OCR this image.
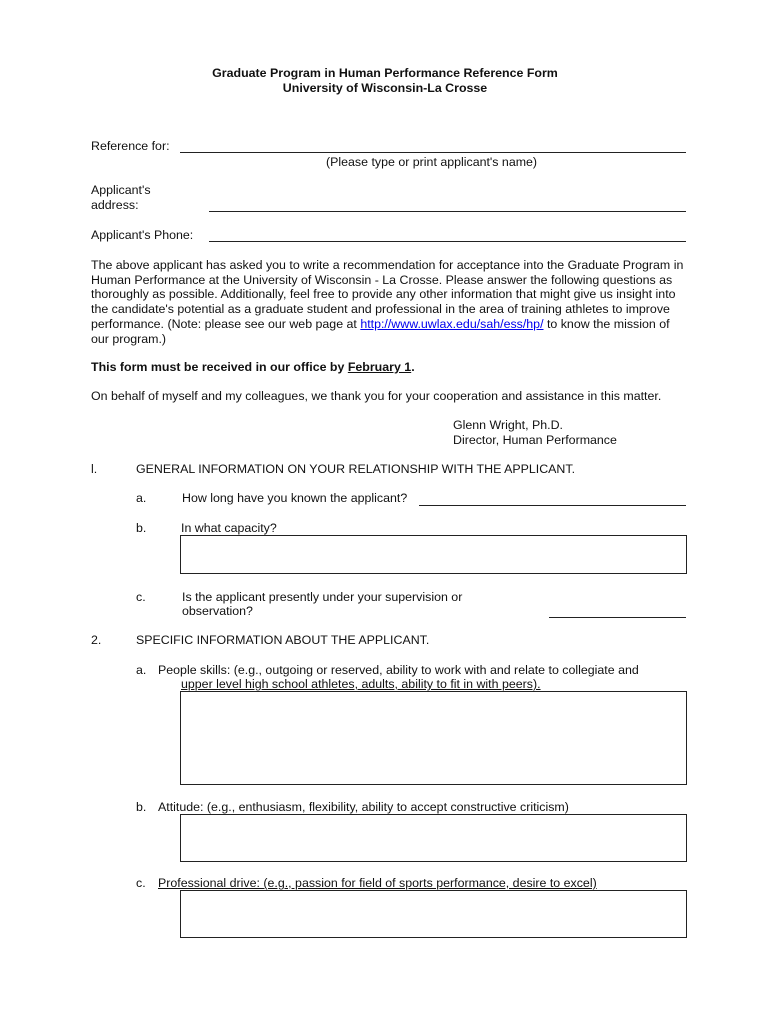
Graduate Program in Human Performance Reference Form
University of Wisconsin-La Crosse
Reference for:
(Please type or print applicant's name)
Applicant's
address:
Applicant's Phone:
The above applicant has asked you to write a recommendation for acceptance into the Graduate Program in Human Performance at the University of Wisconsin - La Crosse. Please answer the following questions as thoroughly as possible. Additionally, feel free to provide any other information that might give us insight into the candidate's potential as a graduate student and professional in the area of training athletes to improve performance. (Note: please see our web page at http://www.uwlax.edu/sah/ess/hp/ to know the mission of our program.)
This form must be received in our office by February 1.
On behalf of myself and my colleagues, we thank you for your cooperation and assistance in this matter.
Glenn Wright, Ph.D.
Director, Human Performance
l.	GENERAL INFORMATION ON YOUR RELATIONSHIP WITH THE APPLICANT.
a.	How long have you known the applicant?
b.	In what capacity?
c.	Is the applicant presently under your supervision or
observation?
2.	SPECIFIC INFORMATION ABOUT THE APPLICANT.
a. People skills: (e.g., outgoing or reserved, ability to work with and relate to collegiate and
upper level high school athletes, adults, ability to fit in with peers).
b. Attitude: (e.g., enthusiasm, flexibility, ability to accept constructive criticism)
c. Professional drive: (e.g., passion for field of sports performance, desire to excel)
